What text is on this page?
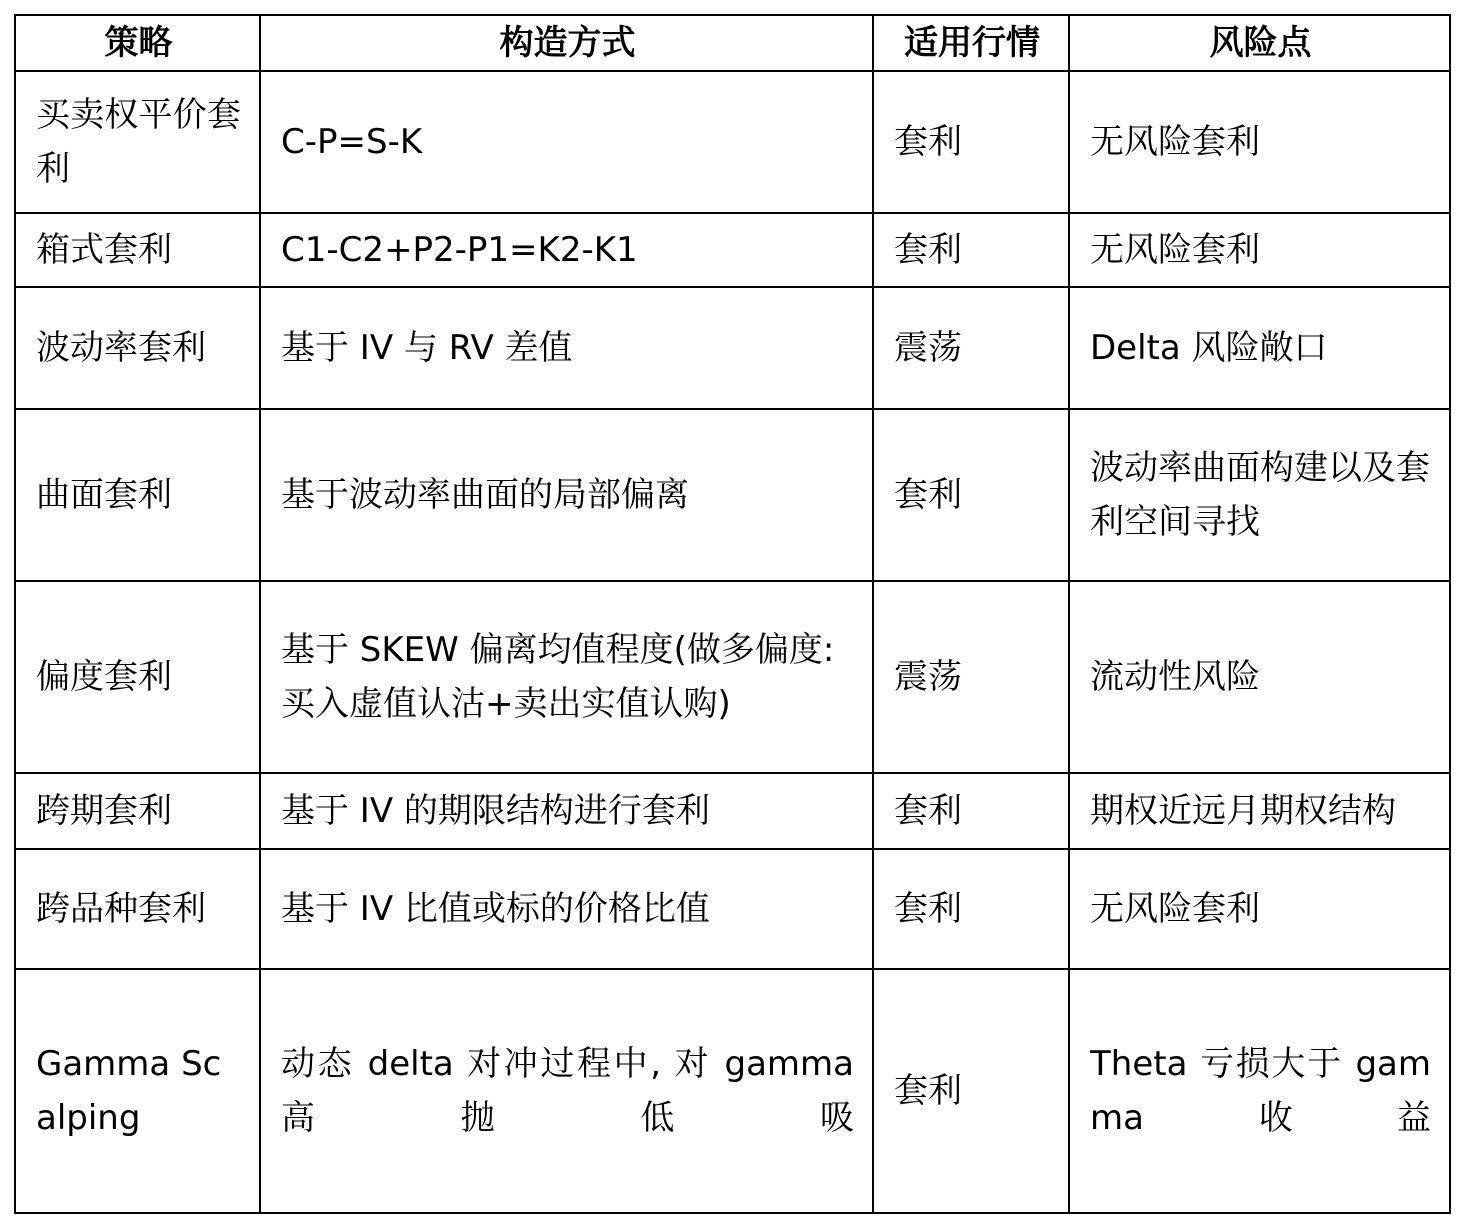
策略	构造方式	适用行情	风险点
买卖权平价套利	C-P=S-K	套利	无风险套利
箱式套利	C1-C2+P2-P1=K2-K1	套利	无风险套利
波动率套利	基于 IV 与 RV 差值	震荡	Delta 风险敞口
曲面套利	基于波动率曲面的局部偏离	套利	波动率曲面构建以及套利空间寻找
偏度套利	基于 SKEW 偏离均值程度(做多偏度:买入虚值认沽+卖出实值认购)	震荡	流动性风险
跨期套利	基于 IV 的期限结构进行套利	套利	期权近远月期权结构
跨品种套利	基于 IV 比值或标的价格比值	套利	无风险套利
Gamma Scalping	动态 delta 对冲过程中, 对 gamma 高抛低吸	套利	Theta 亏损大于 gamma 收益
